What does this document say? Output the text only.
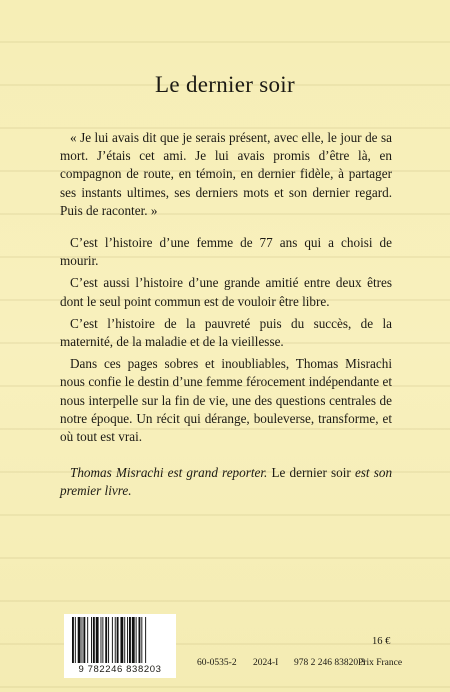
Le dernier soir

« Je lui avais dit que je serais présent, avec elle, le jour de sa mort. J’étais cet ami. Je lui avais promis d’être là, en compagnon de route, en témoin, en dernier fidèle, à partager ses instants ultimes, ses derniers mots et son dernier regard. Puis de raconter. »

C’est l’histoire d’une femme de 77 ans qui a choisi de mourir.

C’est aussi l’histoire d’une grande amitié entre deux êtres dont le seul point commun est de vouloir être libre.

C’est l’histoire de la pauvreté puis du succès, de la maternité, de la maladie et de la vieillesse.

Dans ces pages sobres et inoubliables, Thomas Misrachi nous confie le destin d’une femme férocement indépendante et nous interpelle sur la fin de vie, une des questions centrales de notre époque. Un récit qui dérange, bouleverse, transforme, et où tout est vrai.

Thomas Misrachi est grand reporter. Le dernier soir est son premier livre.

9 782246 838203
60-0535-2 2024-I 978 2 246 83820 3
16 €
Prix France
